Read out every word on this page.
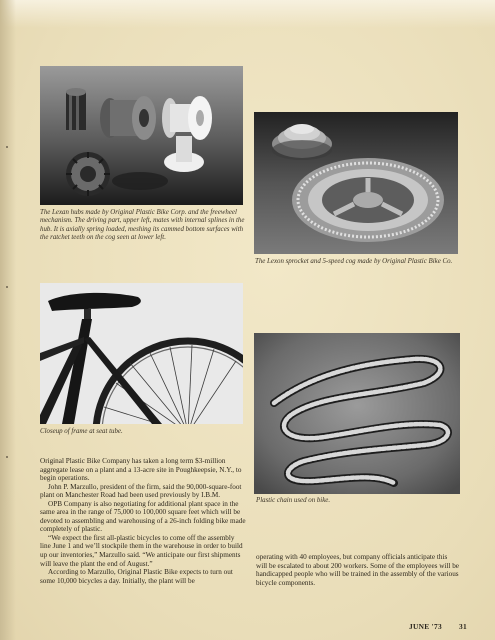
The Lexan hubs made by Original Plastic Bike Corp. and the freewheel mechanism. The driving part, upper left, mates with internal splines in the hub. It is axially spring loaded, meshing its cammed bottom surfaces with the ratchet teeth on the cog seen at lower left.

The Lexon sprocket and 5-speed cog made by Original Plastic Bike Co.

Closeup of frame at seat tube.

Plastic chain used on bike.

Original Plastic Bike Company has taken a long term $3-million aggregate lease on a plant and a 13-acre site in Poughkeepsie, N.Y., to begin operations.

John P. Marzullo, president of the firm, said the 90,000-square-foot plant on Manchester Road had been used previously by I.B.M.

OPB Company is also negotiating for additional plant space in the same area in the range of 75,000 to 100,000 square feet which will be devoted to assembling and warehousing of a 26-inch folding bike made completely of plastic.

“We expect the first all-plastic bicycles to come off the assembly line June 1 and we’ll stockpile them in the warehouse in order to build up our inventories,” Marzullo said. “We anticipate our first shipments will leave the plant the end of August.”

According to Marzullo, Original Plastic Bike expects to turn out some 10,000 bicycles a day. Initially, the plant will be

operating with 40 employees, but company officials anticipate this will be escalated to about 200 workers. Some of the employees will be handicapped people who will be trained in the assembly of the various bicycle components.

JUNE '73 31
